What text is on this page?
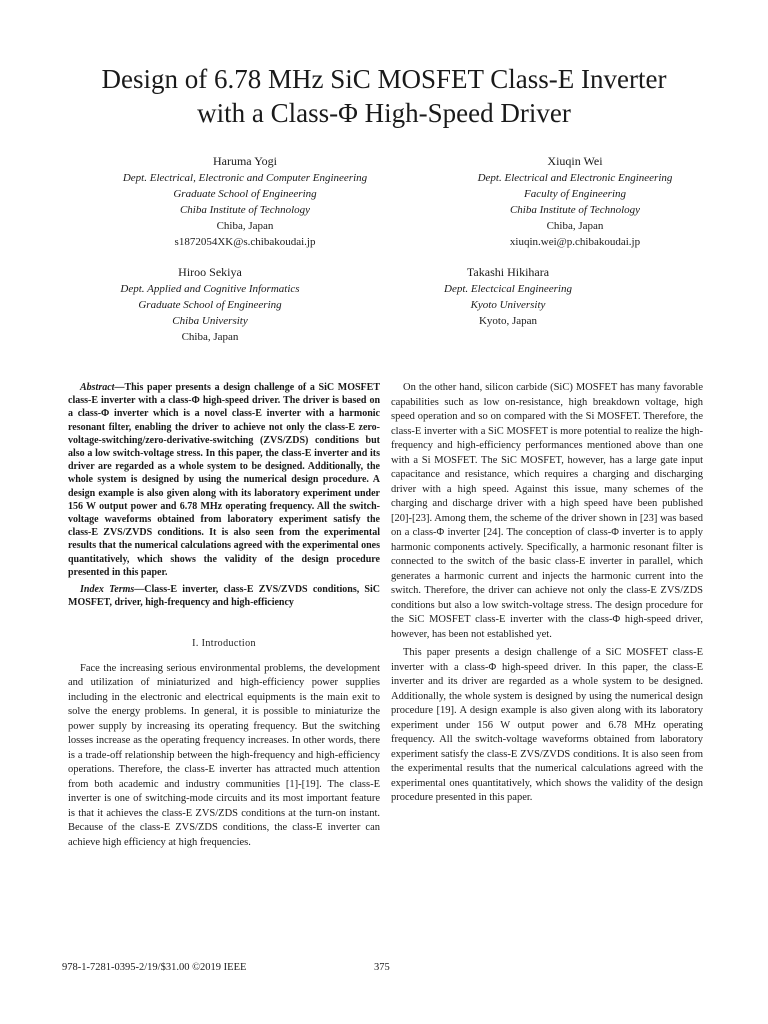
Design of 6.78 MHz SiC MOSFET Class-E Inverter
with a Class-Φ High-Speed Driver
Haruma Yogi
Dept. Electrical, Electronic and Computer Engineering
Graduate School of Engineering
Chiba Institute of Technology
Chiba, Japan
s1872054XK@s.chibakoudai.jp
Xiuqin Wei
Dept. Electrical and Electronic Engineering
Faculty of Engineering
Chiba Institute of Technology
Chiba, Japan
xiuqin.wei@p.chibakoudai.jp
Hiroo Sekiya
Dept. Applied and Cognitive Informatics
Graduate School of Engineering
Chiba University
Chiba, Japan
Takashi Hikihara
Dept. Electcical Engineering
Kyoto University
Kyoto, Japan

Abstract—This paper presents a design challenge of a SiC MOSFET class-E inverter with a class-Φ high-speed driver. The driver is based on a class-Φ inverter which is a novel class-E inverter with a harmonic resonant filter, enabling the driver to achieve not only the class-E zero-voltage-switching/zero-derivative-switching (ZVS/ZDS) conditions but also a low switch-voltage stress. In this paper, the class-E inverter and its driver are regarded as a whole system to be designed. Additionally, the whole system is designed by using the numerical design procedure. A design example is also given along with its laboratory experiment under 156 W output power and 6.78 MHz operating frequency. All the switch-voltage waveforms obtained from laboratory experiment satisfy the class-E ZVS/ZVDS conditions. It is also seen from the experimental results that the numerical calculations agreed with the experimental ones quantitatively, which shows the validity of the design procedure presented in this paper.

Index Terms—Class-E inverter, class-E ZVS/ZVDS conditions, SiC MOSFET, driver, high-frequency and high-efficiency

I. Introduction

Face the increasing serious environmental problems, the development and utilization of miniaturized and high-efficiency power supplies including in the electronic and electrical equipments is the main exit to solve the energy problems. In general, it is possible to miniaturize the power supply by increasing its operating frequency. But the switching losses increase as the operating frequency increases. In other words, there is a trade-off relationship between the high-frequency and high-efficiency operations. Therefore, the class-E inverter has attracted much attention from both academic and industry communities [1]-[19]. The class-E inverter is one of switching-mode circuits and its most important feature is that it achieves the class-E ZVS/ZDS conditions at the turn-on instant. Because of the class-E ZVS/ZDS conditions, the class-E inverter can achieve high efficiency at high frequencies.

On the other hand, silicon carbide (SiC) MOSFET has many favorable capabilities such as low on-resistance, high breakdown voltage, high speed operation and so on compared with the Si MOSFET. Therefore, the class-E inverter with a SiC MOSFET is more potential to realize the high-frequency and high-efficiency performances mentioned above than one with a Si MOSFET. The SiC MOSFET, however, has a large gate input capacitance and resistance, which requires a charging and discharging driver with a high speed. Against this issue, many schemes of the charging and discharge driver with a high speed have been published [20]-[23]. Among them, the scheme of the driver shown in [23] was based on a class-Φ inverter [24]. The conception of class-Φ inverter is to apply harmonic components actively. Specifically, a harmonic resonant filter is connected to the switch of the basic class-E inverter in parallel, which generates a harmonic current and injects the harmonic current into the switch. Therefore, the driver can achieve not only the class-E ZVS/ZDS conditions but also a low switch-voltage stress. The design procedure for the SiC MOSFET class-E inverter with the class-Φ high-speed driver, however, has been not established yet.

This paper presents a design challenge of a SiC MOSFET class-E inverter with a class-Φ high-speed driver. In this paper, the class-E inverter and its driver are regarded as a whole system to be designed. Additionally, the whole system is designed by using the numerical design procedure [19]. A design example is also given along with its laboratory experiment under 156 W output power and 6.78 MHz operating frequency. All the switch-voltage waveforms obtained from laboratory experiment satisfy the class-E ZVS/ZVDS conditions. It is also seen from the experimental results that the numerical calculations agreed with the experimental ones quantitatively, which shows the validity of the design procedure presented in this paper.

978-1-7281-0395-2/19/$31.00 ©2019 IEEE	375
